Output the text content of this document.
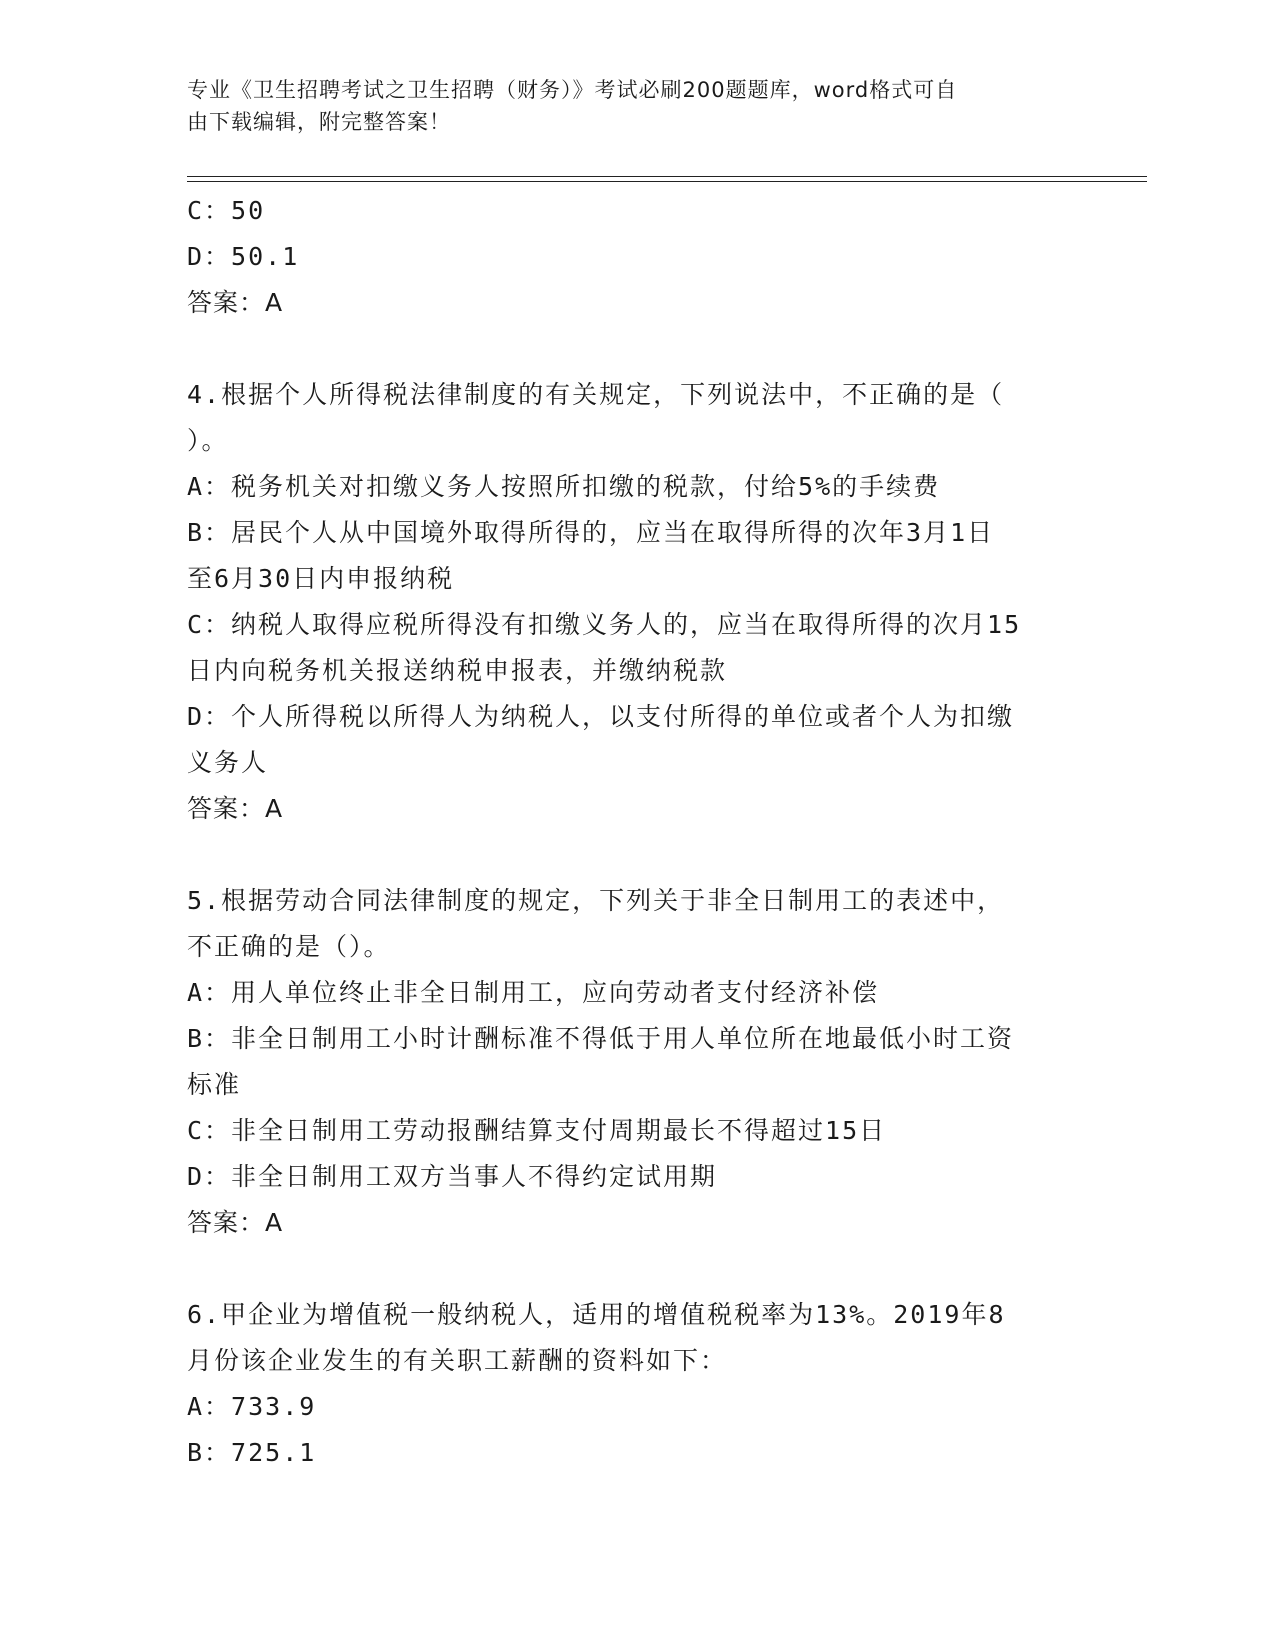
专业《卫生招聘考试之卫生招聘（财务）》考试必刷200题题库，word格式可自
由下载编辑，附完整答案！
C：50
D：50.1
答案：A
4.根据个人所得税法律制度的有关规定，下列说法中，不正确的是（
）。
A：税务机关对扣缴义务人按照所扣缴的税款，付给5%的手续费
B：居民个人从中国境外取得所得的，应当在取得所得的次年3月1日
至6月30日内申报纳税
C：纳税人取得应税所得没有扣缴义务人的，应当在取得所得的次月15
日内向税务机关报送纳税申报表，并缴纳税款
D：个人所得税以所得人为纳税人，以支付所得的单位或者个人为扣缴
义务人
答案：A
5.根据劳动合同法律制度的规定，下列关于非全日制用工的表述中，
不正确的是（）。
A：用人单位终止非全日制用工，应向劳动者支付经济补偿
B：非全日制用工小时计酬标准不得低于用人单位所在地最低小时工资
标准
C：非全日制用工劳动报酬结算支付周期最长不得超过15日
D：非全日制用工双方当事人不得约定试用期
答案：A
6.甲企业为增值税一般纳税人，适用的增值税税率为13%。2019年8
月份该企业发生的有关职工薪酬的资料如下：
A：733.9
B：725.1
